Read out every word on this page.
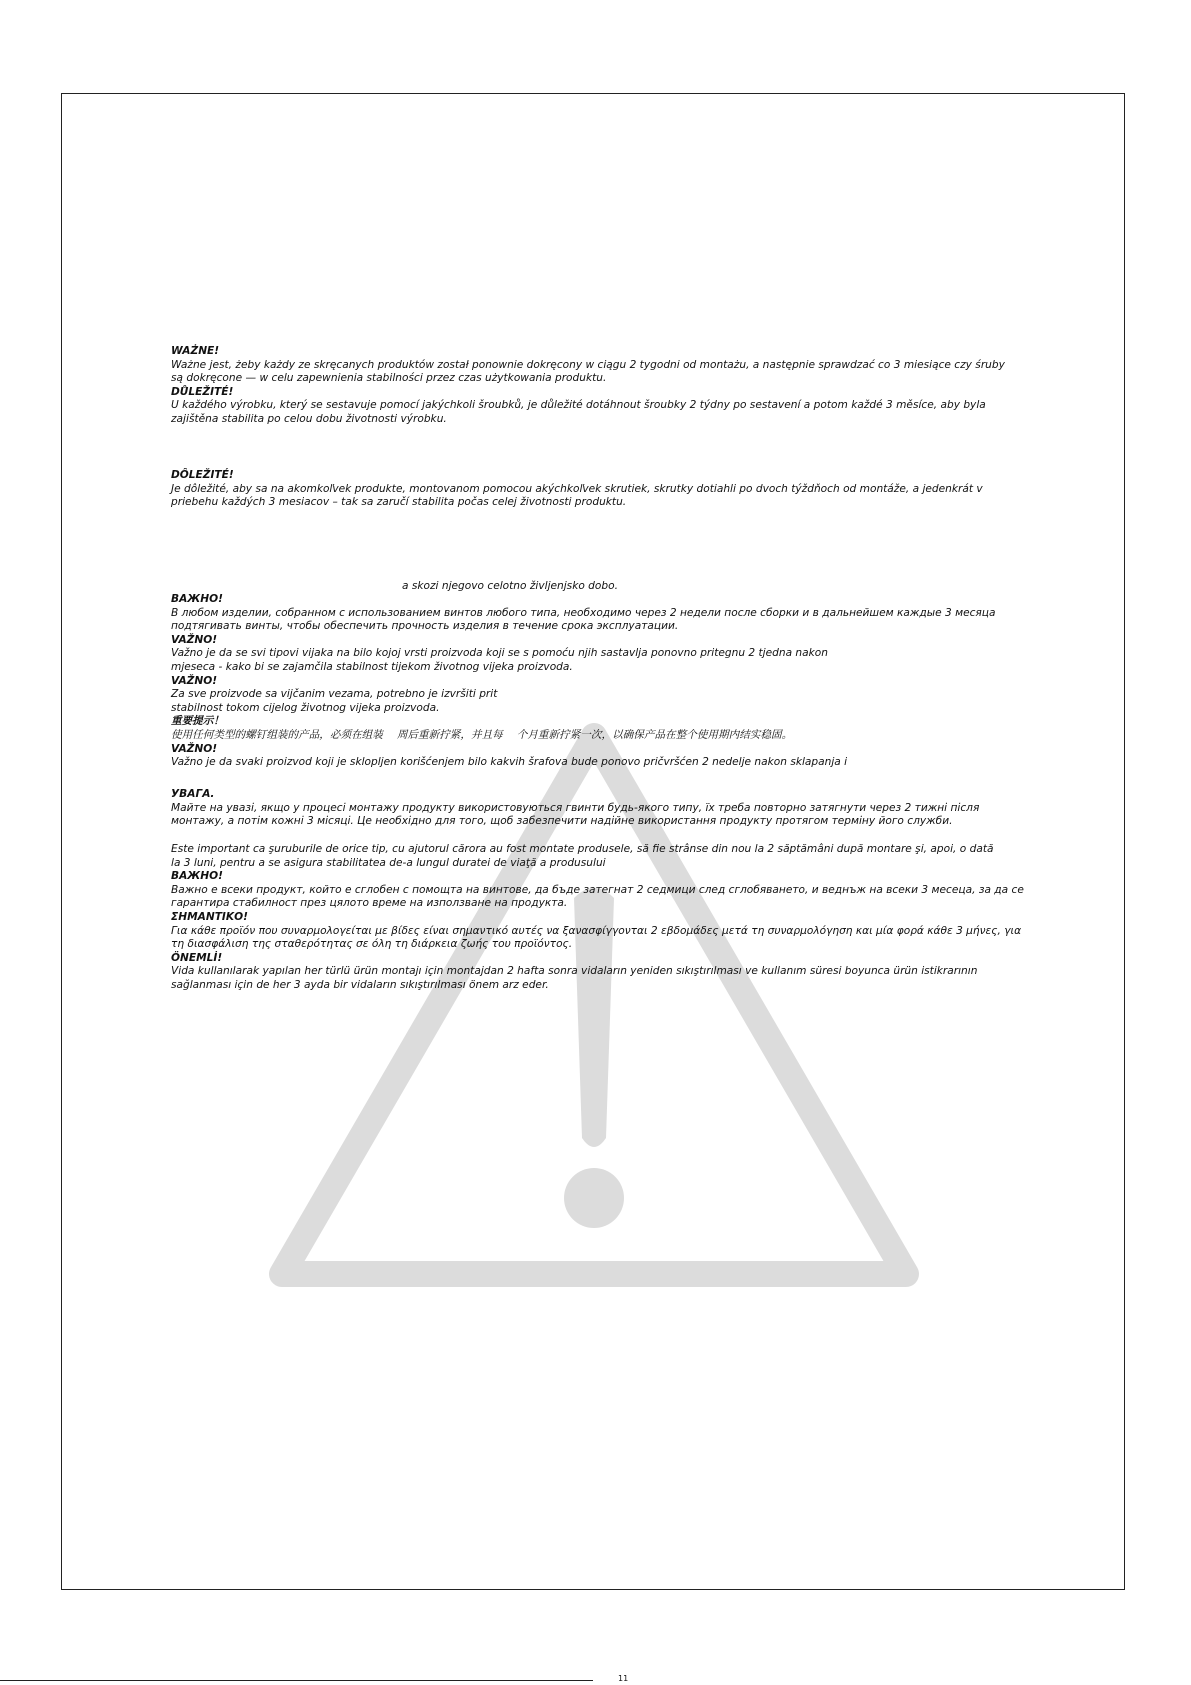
WAŻNE!
Ważne jest, żeby każdy ze skręcanych produktów został ponownie dokręcony w ciągu 2 tygodni od montażu, a następnie sprawdzać co 3 miesiące czy śruby
są dokręcone — w celu zapewnienia stabilności przez czas użytkowania produktu.
DŮLEŽITÉ!
U každého výrobku, který se sestavuje pomocí jakýchkoli šroubků, je důležité dotáhnout šroubky 2 týdny po sestavení a potom každé 3 měsíce, aby byla
zajištěna stabilita po celou dobu životnosti výrobku.
DÔLEŽITÉ!
Je dôležité, aby sa na akomkoľvek produkte, montovanom pomocou akýchkoľvek skrutiek, skrutky dotiahli po dvoch týždňoch od montáže, a jedenkrát v
priebehu každých 3 mesiacov – tak sa zaručí stabilita počas celej životnosti produktu.
a skozi njegovo celotno življenjsko dobo.
ВАЖНО!
В любом изделии, собранном с использованием винтов любого типа, необходимо через 2 недели после сборки и в дальнейшем каждые 3 месяца
подтягивать винты, чтобы обеспечить прочность изделия в течение срока эксплуатации.
VAŽNO!
Važno je da se svi tipovi vijaka na bilo kojoj vrsti proizvoda koji se s pomoću njih sastavlja ponovno pritegnu 2 tjedna nakon
mjeseca - kako bi se zajamčila stabilnost tijekom životnog vijeka proizvoda.
VAŽNO!
Za sve proizvode sa vijčanim vezama, potrebno je izvršiti prit
stabilnost tokom cijelog životnog vijeka proizvoda.
重要提示！
使用任何类型的螺钉组装的产品，必须在组装　 周后重新拧紧，并且每　 个月重新拧紧一次，以确保产品在整个使用期内结实稳固。
VAŽNO!
Važno je da svaki proizvod koji je sklopljen korišćenjem bilo kakvih šrafova bude ponovo pričvršćen 2 nedelje nakon sklapanja i
УВАГА.
Майте на увазі, якщо у процесі монтажу продукту використовуються гвинти будь-якого типу, їх треба повторно затягнути через 2 тижні після
монтажу, а потім кожні 3 місяці. Це необхідно для того, щоб забезпечити надійне використання продукту протягом терміну його служби.
Este important ca şuruburile de orice tip, cu ajutorul cărora au fost montate produsele, să fie strânse din nou la 2 săptămâni după montare şi, apoi, o dată
la 3 luni, pentru a se asigura stabilitatea de-a lungul duratei de viaţă a produsului
ВАЖНО!
Важно е всеки продукт, който е сглобен с помощта на винтове, да бъде затегнат 2 седмици след сглобяването, и веднъж на всеки 3 месеца, за да се
гарантира стабилност през цялото време на използване на продукта.
ΣΗΜΑΝΤΙΚΟ!
Για κάθε προϊόν που συναρμολογείται με βίδες είναι σημαντικό αυτές να ξανασφίγγονται 2 εβδομάδες μετά τη συναρμολόγηση και μία φορά κάθε 3 μήνες, για
τη διασφάλιση της σταθερότητας σε όλη τη διάρκεια ζωής του προϊόντος.
ÖNEMLİ!
Vida kullanılarak yapılan her türlü ürün montajı için montajdan 2 hafta sonra vidaların yeniden sıkıştırılması ve kullanım süresi boyunca ürün istikrarının
sağlanması için de her 3 ayda bir vidaların sıkıştırılması önem arz eder.
11
